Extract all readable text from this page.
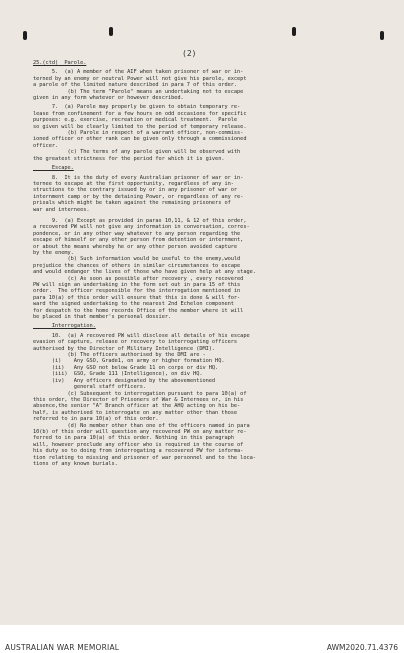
(2)
25.(ctd)  Parole.
5.  (a) A member of the AIF when taken prisoner of war or in-
terned by an enemy or neutral Power will not give his parole, except
a parole of the limited nature described in para 7 of this order.
(b) The term "Parole" means an undertaking not to escape
given in any form whatever or however described.
7.  (a) Parole may properly be given to obtain temporary re-
lease from confinement for a few hours on odd occasions for specific
purposes: e.g. exercise, recreation or medical treatment.  Parole
so given will be clearly limited to the period of temporary release.
(b) Parole in respect of a warrant officer, non-commiss-
ioned officer or other rank can be given only through a commissioned
officer.
(c) The terms of any parole given will be observed with
the greatest strictness for the period for which it is given.
Escape.
8.  It is the duty of every Australian prisoner of war or in-
ternee to escape at the first opportunity, regardless of any in-
structions to the contrary issued by or in any prisoner of war or
internment camp or by the detaining Power, or regardless of any re-
prisals which might be taken against the remaining prisoners of
war and internees.
9.  (a) Except as provided in paras 10,11, & 12 of this order,
a recovered PW will not give any information in conversation, corres-
pondence, or in any other way whatever to any person regarding the
escape of himself or any other person from detention or internment,
or about the means whereby he or any other person avoided capture
by the enemy.
(b) Such information would be useful to the enemy,would
prejudice the chances of others in similar circumstances to escape
and would endanger the lives of those who have given help at any stage.
(c) As soon as possible after recovery , every recovered
PW will sign an undertaking in the form set out in para 15 of this
order.  The officer responsible for the interrogation mentioned in
para 10(a) of this order will ensure that this is done & will for-
ward the signed undertaking to the nearest 2nd Echelon component
for despatch to the home records Office of the member where it will
be placed in that member's personal dossier.
Interrogation.
10.  (a) A recovered PW will disclose all details of his escape
evasion of capture, release or recovery to interrogating officers
authorised by the Director of Military Intelligence (DMI).
(b) The officers authorised by the DMI are -
(i)    Any GSO, Grade1, on army or higher formation HQ.
(ii)   Any GSO not below Grade 11 on corps or div HQ.
(iii)  GSO, Grade 111 (Intelligence), on div HQ.
(iv)   Any officers designated by the abovementioned
general staff officers.
(c) Subsequent to interrogation pursuant to para 10(a) of
this order, the Director of Prisoners of War & Internees or, in his
absence,the senior "A" Branch officer at the AHQ acting on his be-
half, is authorised to interrogate on any matter other than those
referred to in para 10(a) of this order.
(d) No member other than one of the officers named in para
10(b) of this order will question any recovered PW on any matter re-
ferred to in para 10(a) of this order. Nothing in this paragraph
will, however preclude any officer who is required in the course of
his duty so to doing from interrogating a recovered PW for informa-
tion relating to missing and prisoner of war personnel and to the loca-
tions of any known burials.
AUSTRALIAN WAR MEMORIAL	AWM2020.71.4376
